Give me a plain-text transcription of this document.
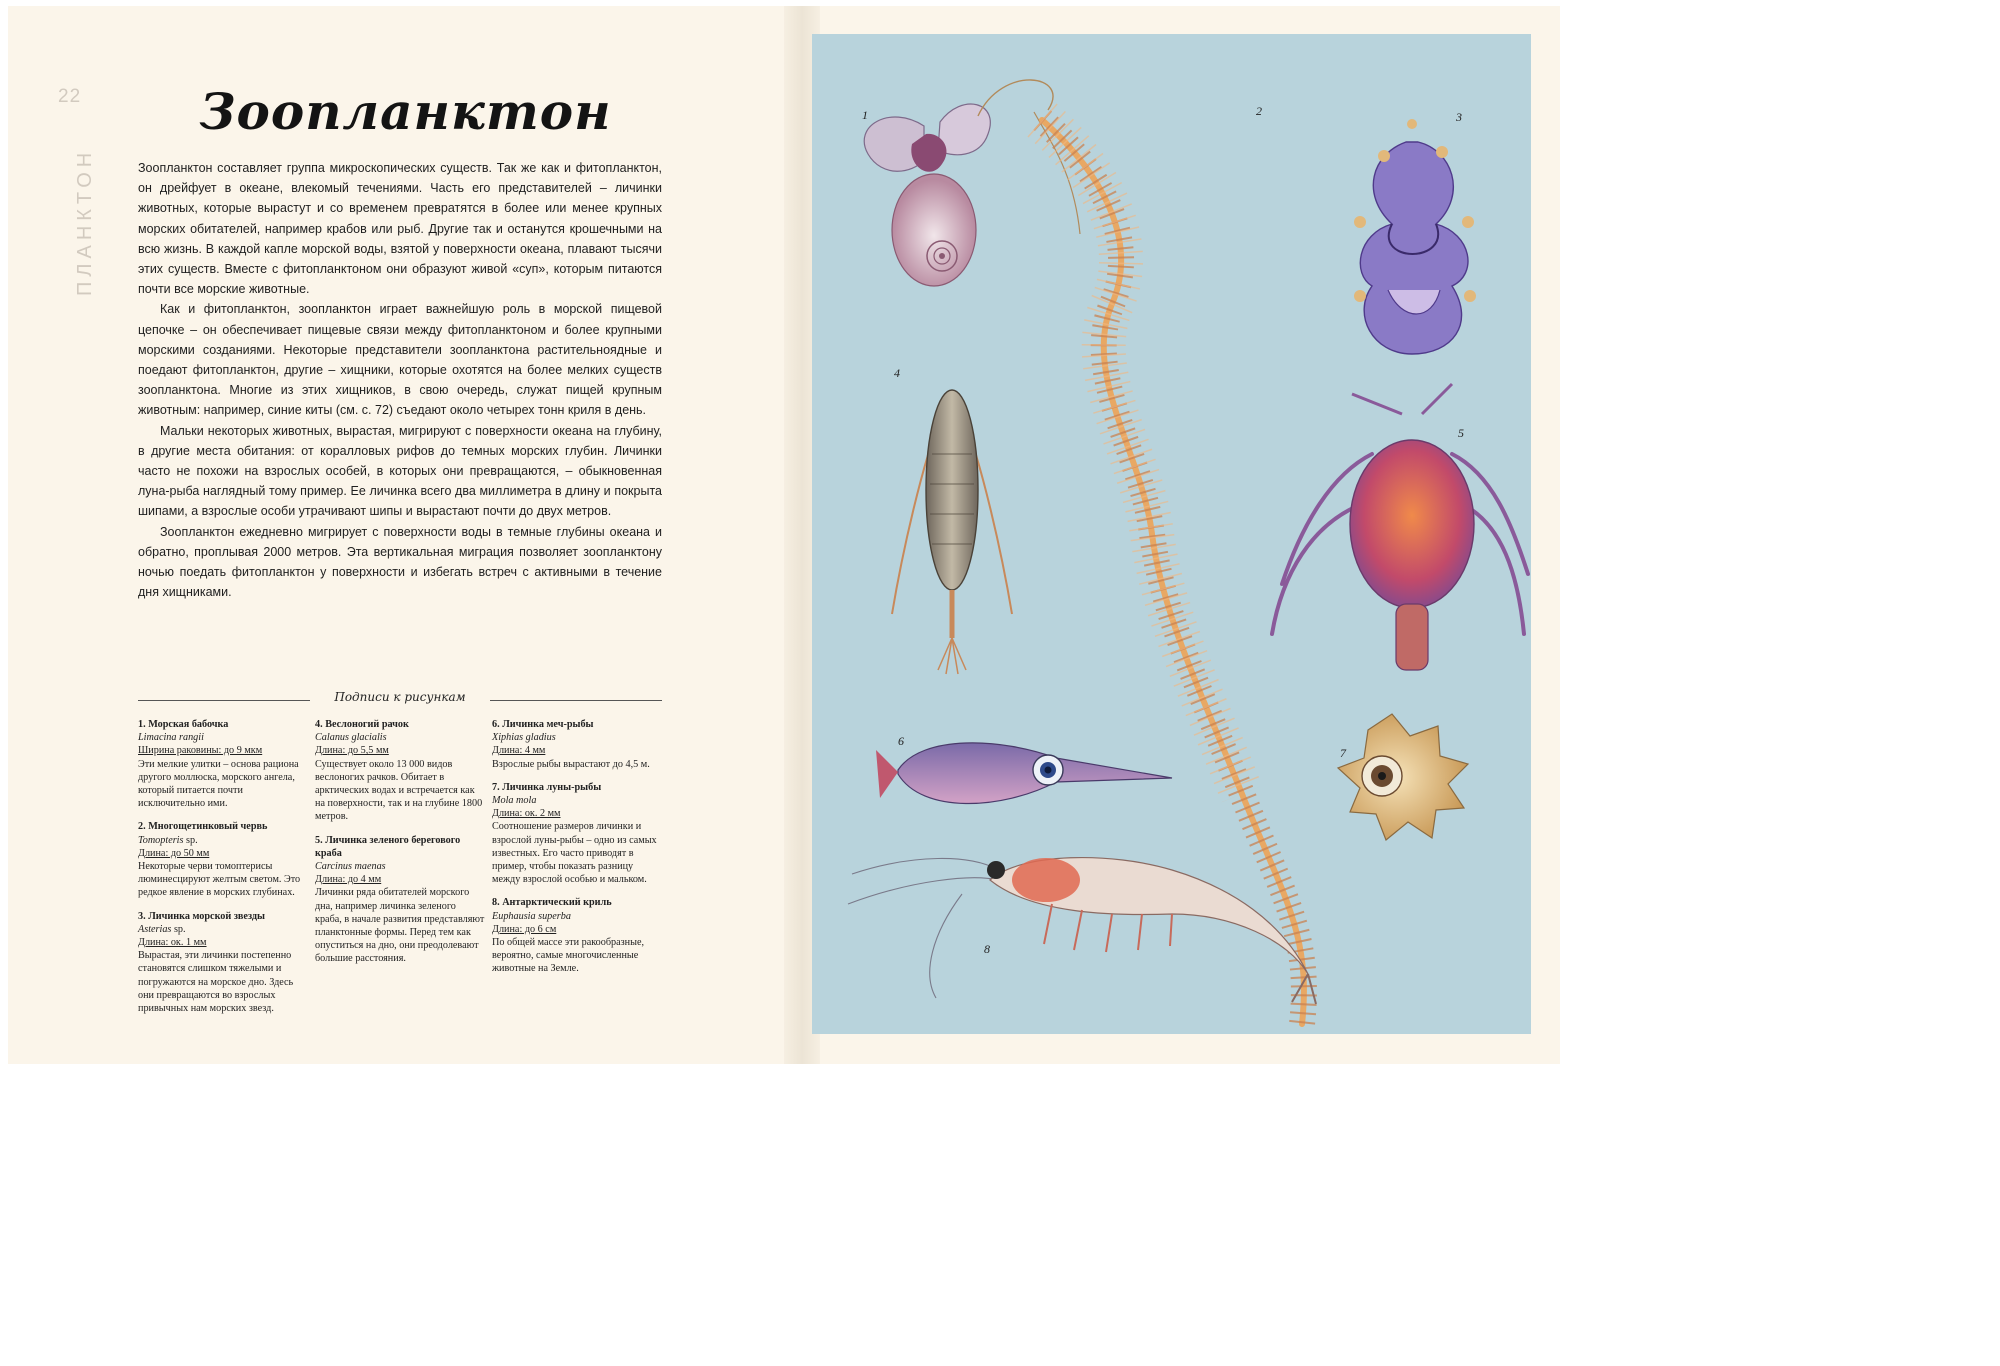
22
ПЛАНКТОН
Зоопланктон

Зоопланктон составляет группа микроскопических существ. Так же как и фитопланктон, он дрейфует в океане, влекомый течениями. Часть его представителей – личинки животных, которые вырастут и со временем превратятся в более или менее крупных морских обитателей, например крабов или рыб. Другие так и останутся крошечными на всю жизнь. В каждой капле морской воды, взятой у поверхности океана, плавают тысячи этих существ. Вместе с фитопланктоном они образуют живой «суп», которым питаются почти все морские животные.

Как и фитопланктон, зоопланктон играет важнейшую роль в морской пищевой цепочке – он обеспечивает пищевые связи между фитопланктоном и более крупными морскими созданиями. Некоторые представители зоопланктона растительноядные и поедают фитопланктон, другие – хищники, которые охотятся на более мелких существ зоопланктона. Многие из этих хищников, в свою очередь, служат пищей крупным животным: например, синие киты (см. с. 72) съедают около четырех тонн криля в день.

Мальки некоторых животных, вырастая, мигрируют с поверхности океана на глубину, в другие места обитания: от коралловых рифов до темных морских глубин. Личинки часто не похожи на взрослых особей, в которых они превращаются, – обыкновенная луна-рыба наглядный тому пример. Ее личинка всего два миллиметра в длину и покрыта шипами, а взрослые особи утрачивают шипы и вырастают почти до двух метров.

Зоопланктон ежедневно мигрирует с поверхности воды в темные глубины океана и обратно, проплывая 2000 метров. Эта вертикальная миграция позволяет зоопланктону ночью поедать фитопланктон у поверхности и избегать встреч с активными в течение дня хищниками.

Подписи к рисункам
1. Морская бабочка
Limacina rangii
Ширина раковины: до 9 мкм
Эти мелкие улитки – основа рациона другого моллюска, морского ангела, который питается почти исключительно ими.
2. Многощетинковый червь
Tomopteris sp.
Длина: до 50 мм
Некоторые черви томоптерисы люминесцируют желтым светом. Это редкое явление в морских глубинах.
3. Личинка морской звезды
Asterias sp.
Длина: ок. 1 мм
Вырастая, эти личинки постепенно становятся слишком тяжелыми и погружаются на морское дно. Здесь они превращаются во взрослых привычных нам морских звезд.
4. Веслоногий рачок
Calanus glacialis
Длина: до 5,5 мм
Существует около 13 000 видов веслоногих рачков. Обитает в арктических водах и встречается как на поверхности, так и на глубине 1800 метров.
5. Личинка зеленого берегового краба
Carcinus maenas
Длина: до 4 мм
Личинки ряда обитателей морского дна, например личинка зеленого краба, в начале развития представляют планктонные формы. Перед тем как опуститься на дно, они преодолевают большие расстояния.
6. Личинка меч-рыбы
Xiphias gladius
Длина: 4 мм
Взрослые рыбы вырастают до 4,5 м.
7. Личинка луны-рыбы
Mola mola
Длина: ок. 2 мм
Соотношение размеров личинки и взрослой луны-рыбы – одно из самых известных. Его часто приводят в пример, чтобы показать разницу между взрослой особью и мальком.
8. Антарктический криль
Euphausia superba
Длина: до 6 см
По общей массе эти ракообразные, вероятно, самые многочисленные животные на Земле.
1	2	3
4
5
6
7
8
